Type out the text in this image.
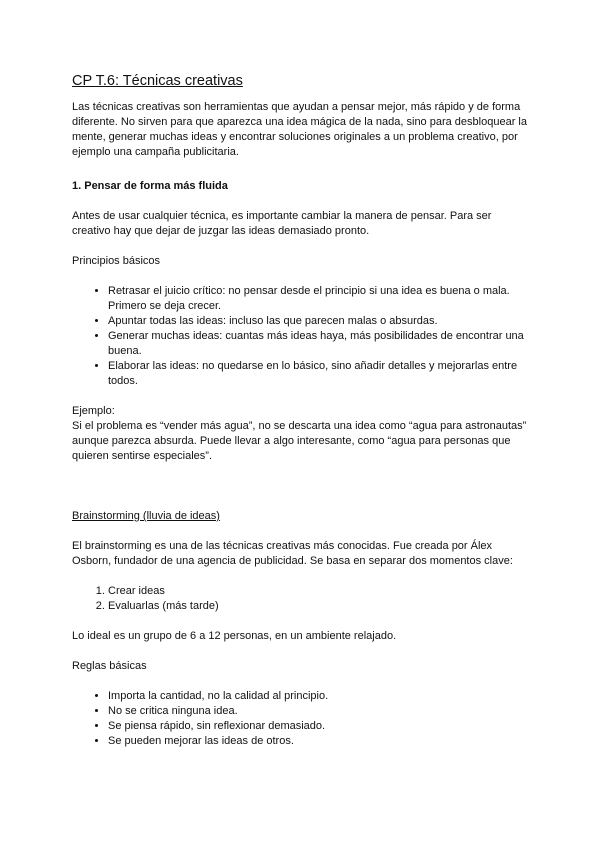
CP T.6: Técnicas creativas

Las técnicas creativas son herramientas que ayudan a pensar mejor, más rápido y de forma diferente. No sirven para que aparezca una idea mágica de la nada, sino para desbloquear la mente, generar muchas ideas y encontrar soluciones originales a un problema creativo, por ejemplo una campaña publicitaria.

1. Pensar de forma más fluida

Antes de usar cualquier técnica, es importante cambiar la manera de pensar. Para ser creativo hay que dejar de juzgar las ideas demasiado pronto.

Principios básicos

• Retrasar el juicio crítico: no pensar desde el principio si una idea es buena o mala. Primero se deja crecer.
• Apuntar todas las ideas: incluso las que parecen malas o absurdas.
• Generar muchas ideas: cuantas más ideas haya, más posibilidades de encontrar una buena.
• Elaborar las ideas: no quedarse en lo básico, sino añadir detalles y mejorarlas entre todos.

Ejemplo:

Si el problema es “vender más agua”, no se descarta una idea como “agua para astronautas” aunque parezca absurda. Puede llevar a algo interesante, como “agua para personas que quieren sentirse especiales”.

Brainstorming (lluvia de ideas)

El brainstorming es una de las técnicas creativas más conocidas. Fue creada por Álex Osborn, fundador de una agencia de publicidad. Se basa en separar dos momentos clave:

1. Crear ideas
2. Evaluarlas (más tarde)

Lo ideal es un grupo de 6 a 12 personas, en un ambiente relajado.

Reglas básicas

• Importa la cantidad, no la calidad al principio.
• No se critica ninguna idea.
• Se piensa rápido, sin reflexionar demasiado.
• Se pueden mejorar las ideas de otros.
